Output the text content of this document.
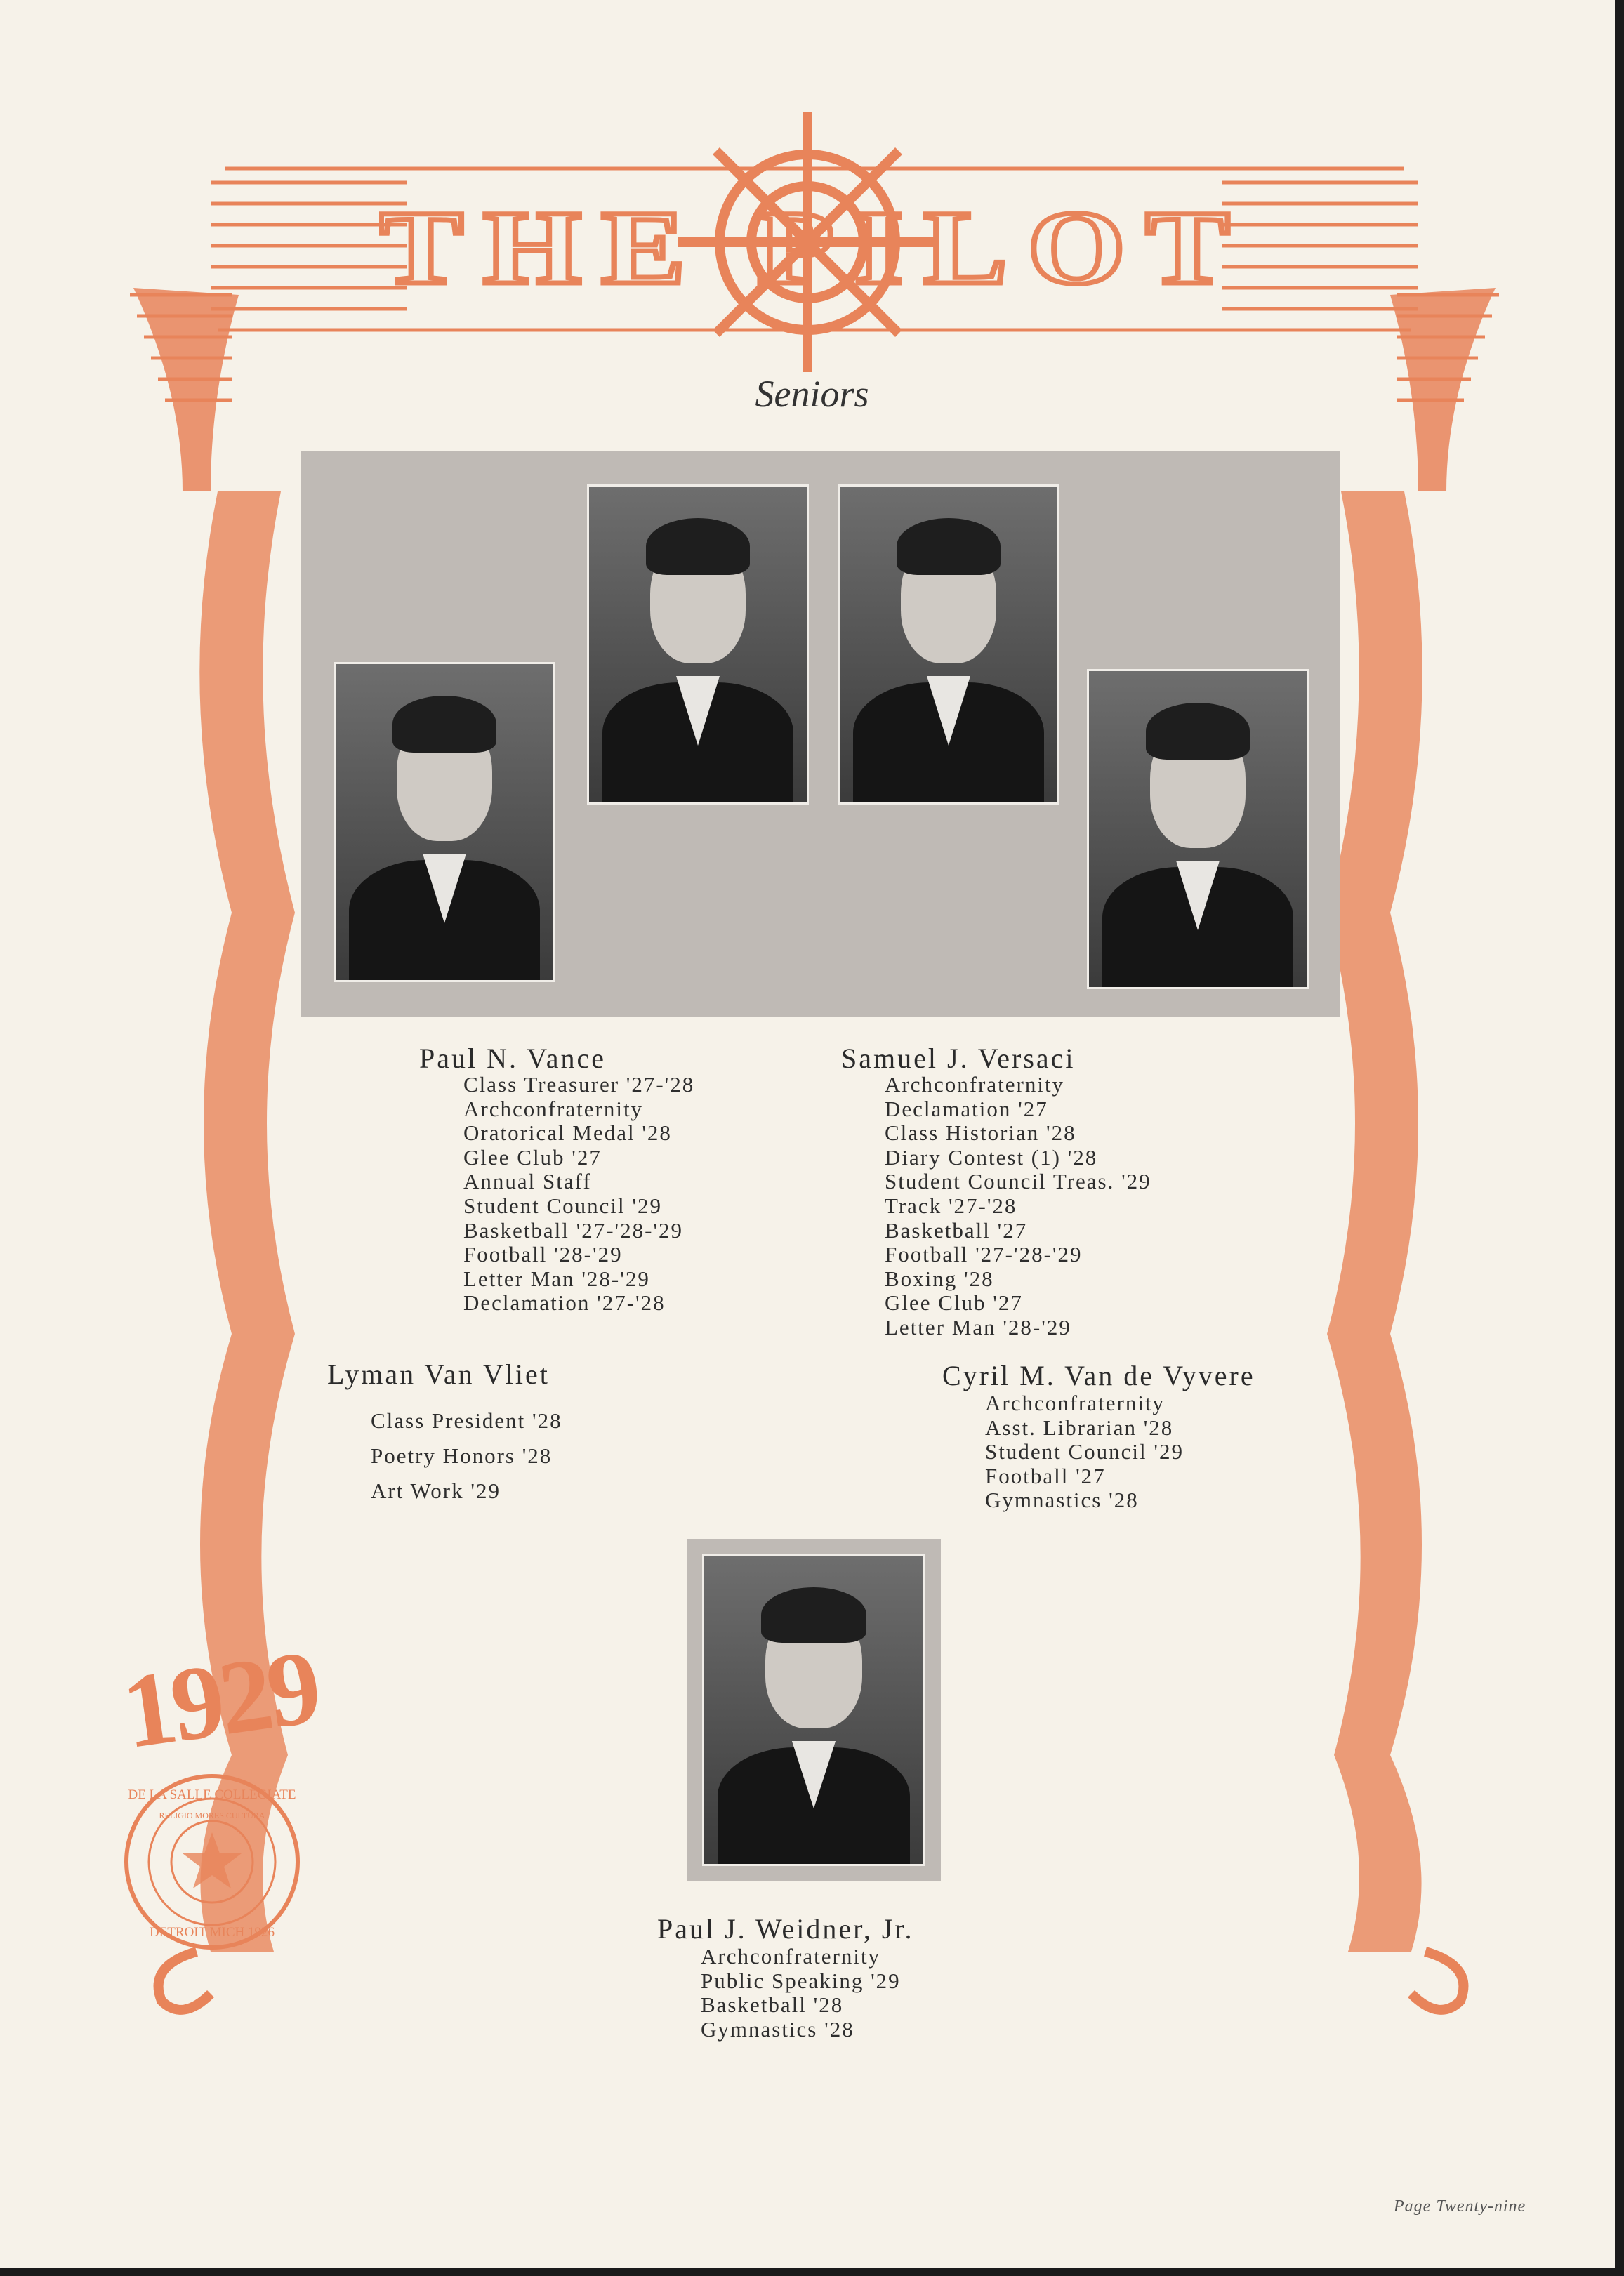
THE PILOT
Seniors
Paul N. Vance
Class Treasurer '27-'28
Archconfraternity
Oratorical Medal '28
Glee Club '27
Annual Staff
Student Council '29
Basketball '27-'28-'29
Football '28-'29
Letter Man '28-'29
Declamation '27-'28
Samuel J. Versaci
Archconfraternity
Declamation '27
Class Historian '28
Diary Contest (1) '28
Student Council Treas. '29
Track '27-'28
Basketball '27
Football '27-'28-'29
Boxing '28
Glee Club '27
Letter Man '28-'29
Lyman Van Vliet
Class President '28
Poetry Honors '28
Art Work '29
Cyril M. Van de Vyvere
Archconfraternity
Asst. Librarian '28
Student Council '29
Football '27
Gymnastics '28
Paul J. Weidner, Jr.
Archconfraternity
Public Speaking '29
Basketball '28
Gymnastics '28
1929
DE LA SALLE COLLEGIATE
RELIGIO MORES CULTURA
DETROIT MICH 1926
Page Twenty-nine
